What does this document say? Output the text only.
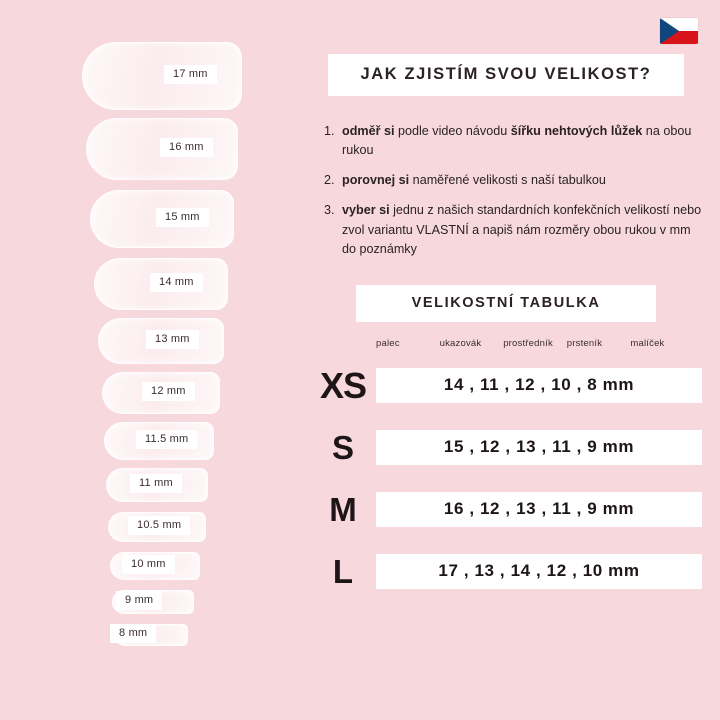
17 mm
16 mm
15 mm
14 mm
13 mm
12 mm
11.5 mm
11 mm
10.5 mm
10 mm
9 mm
8 mm
JAK ZJISTÍM SVOU VELIKOST?
1. odměř si podle video návodu šířku nehtových lůžek na obou rukou
2. porovnej si naměřené velikosti s naší tabulkou
3. vyber si jednu z našich standardních konfekčních velikostí nebo zvol variantu VLASTNÍ a napiš nám rozměry obou rukou v mm do poznámky
VELIKOSTNÍ TABULKA
palec	ukazovák	prostředník	prsteník	malíček
XS	14 , 11 , 12 , 10 , 8 mm
S	15 , 12 , 13 , 11 , 9 mm
M	16 , 12 , 13 , 11 , 9 mm
L	17 , 13 , 14 , 12 , 10 mm
